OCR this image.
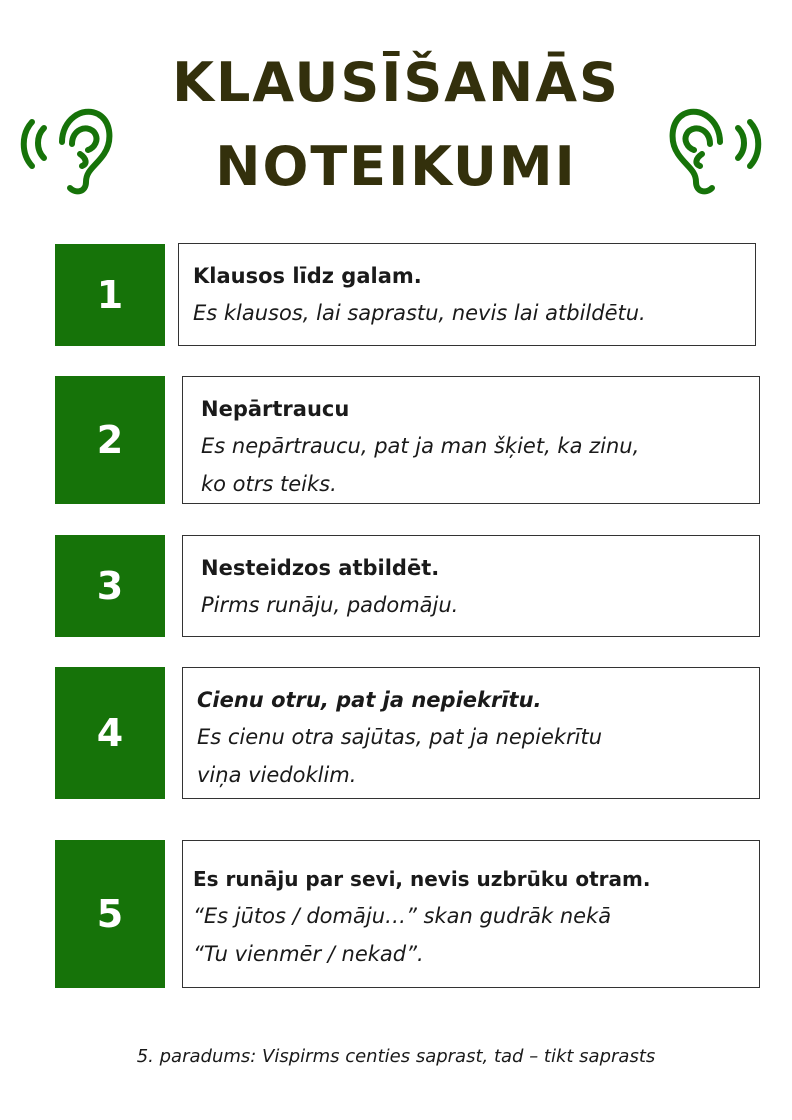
KLAUSĪŠANĀS
NOTEIKUMI
1	Klausos līdz galam.
Es klausos, lai saprastu, nevis lai atbildētu.
2
Nepārtraucu
Es nepārtraucu, pat ja man šķiet, ka zinu,
ko otrs teiks.
3	Nesteidzos atbildēt.
Pirms runāju, padomāju.
4
Cienu otru, pat ja nepiekrītu.
Es cienu otra sajūtas, pat ja nepiekrītu
viņa viedoklim.
5
Es runāju par sevi, nevis uzbrūku otram.
“Es jūtos / domāju…” skan gudrāk nekā
“Tu vienmēr / nekad”.
5. paradums: Vispirms centies saprast, tad – tikt saprasts
